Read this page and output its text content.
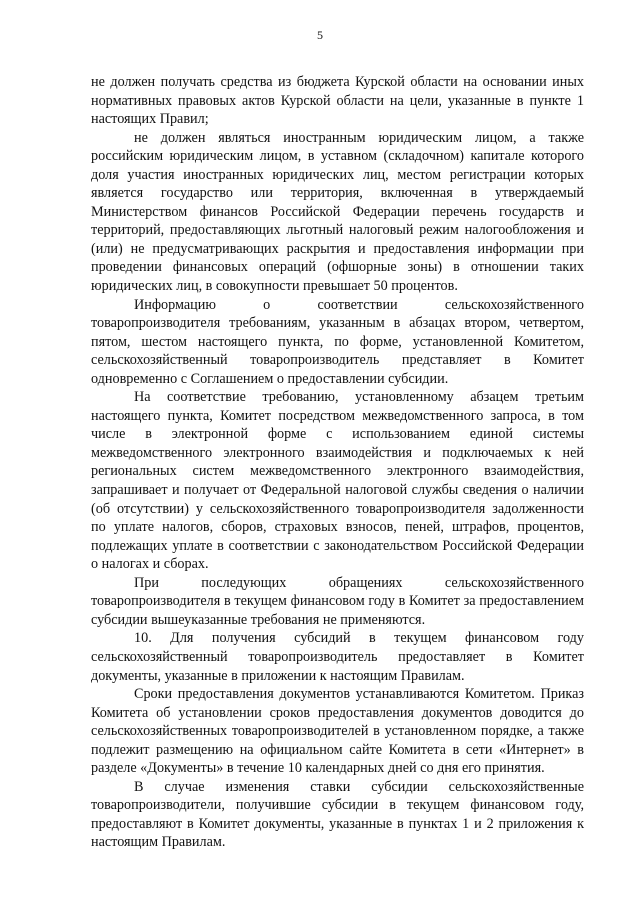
5

не должен получать средства из бюджета Курской области на основании иных нормативных правовых актов Курской области на цели, указанные в пункте 1 настоящих Правил;

не должен являться иностранным юридическим лицом, а также российским юридическим лицом, в уставном (складочном) капитале которого доля участия иностранных юридических лиц, местом регистрации которых является государство или территория, включенная в утверждаемый Министерством финансов Российской Федерации перечень государств и территорий, предоставляющих льготный налоговый режим налогообложения и (или) не предусматривающих раскрытия и предоставления информации при проведении финансовых операций (офшорные зоны) в отношении таких юридических лиц, в совокупности превышает 50 процентов.

Информацию о соответствии сельскохозяйственного товаропроизводителя требованиям, указанным в абзацах втором, четвертом, пятом, шестом настоящего пункта, по форме, установленной Комитетом, сельскохозяйственный товаропроизводитель представляет в Комитет одновременно с Соглашением о предоставлении субсидии.

На соответствие требованию, установленному абзацем третьим настоящего пункта, Комитет посредством межведомственного запроса, в том числе в электронной форме с использованием единой системы межведомственного электронного взаимодействия и подключаемых к ней региональных систем межведомственного электронного взаимодействия, запрашивает и получает от Федеральной налоговой службы сведения о наличии (об отсутствии) у сельскохозяйственного товаропроизводителя задолженности по уплате налогов, сборов, страховых взносов, пеней, штрафов, процентов, подлежащих уплате в соответствии с законодательством Российской Федерации о налогах и сборах.

При последующих обращениях сельскохозяйственного товаропроизводителя в текущем финансовом году в Комитет за предоставлением субсидии вышеуказанные требования не применяются.

10. Для получения субсидий в текущем финансовом году сельскохозяйственный товаропроизводитель предоставляет в Комитет документы, указанные в приложении к настоящим Правилам.

Сроки предоставления документов устанавливаются Комитетом. Приказ Комитета об установлении сроков предоставления документов доводится до сельскохозяйственных товаропроизводителей в установленном порядке, а также подлежит размещению на официальном сайте Комитета в сети «Интернет» в разделе «Документы» в течение 10 календарных дней со дня его принятия.

В случае изменения ставки субсидии сельскохозяйственные товаропроизводители, получившие субсидии в текущем финансовом году, предоставляют в Комитет документы, указанные в пунктах 1 и 2 приложения к настоящим Правилам.
